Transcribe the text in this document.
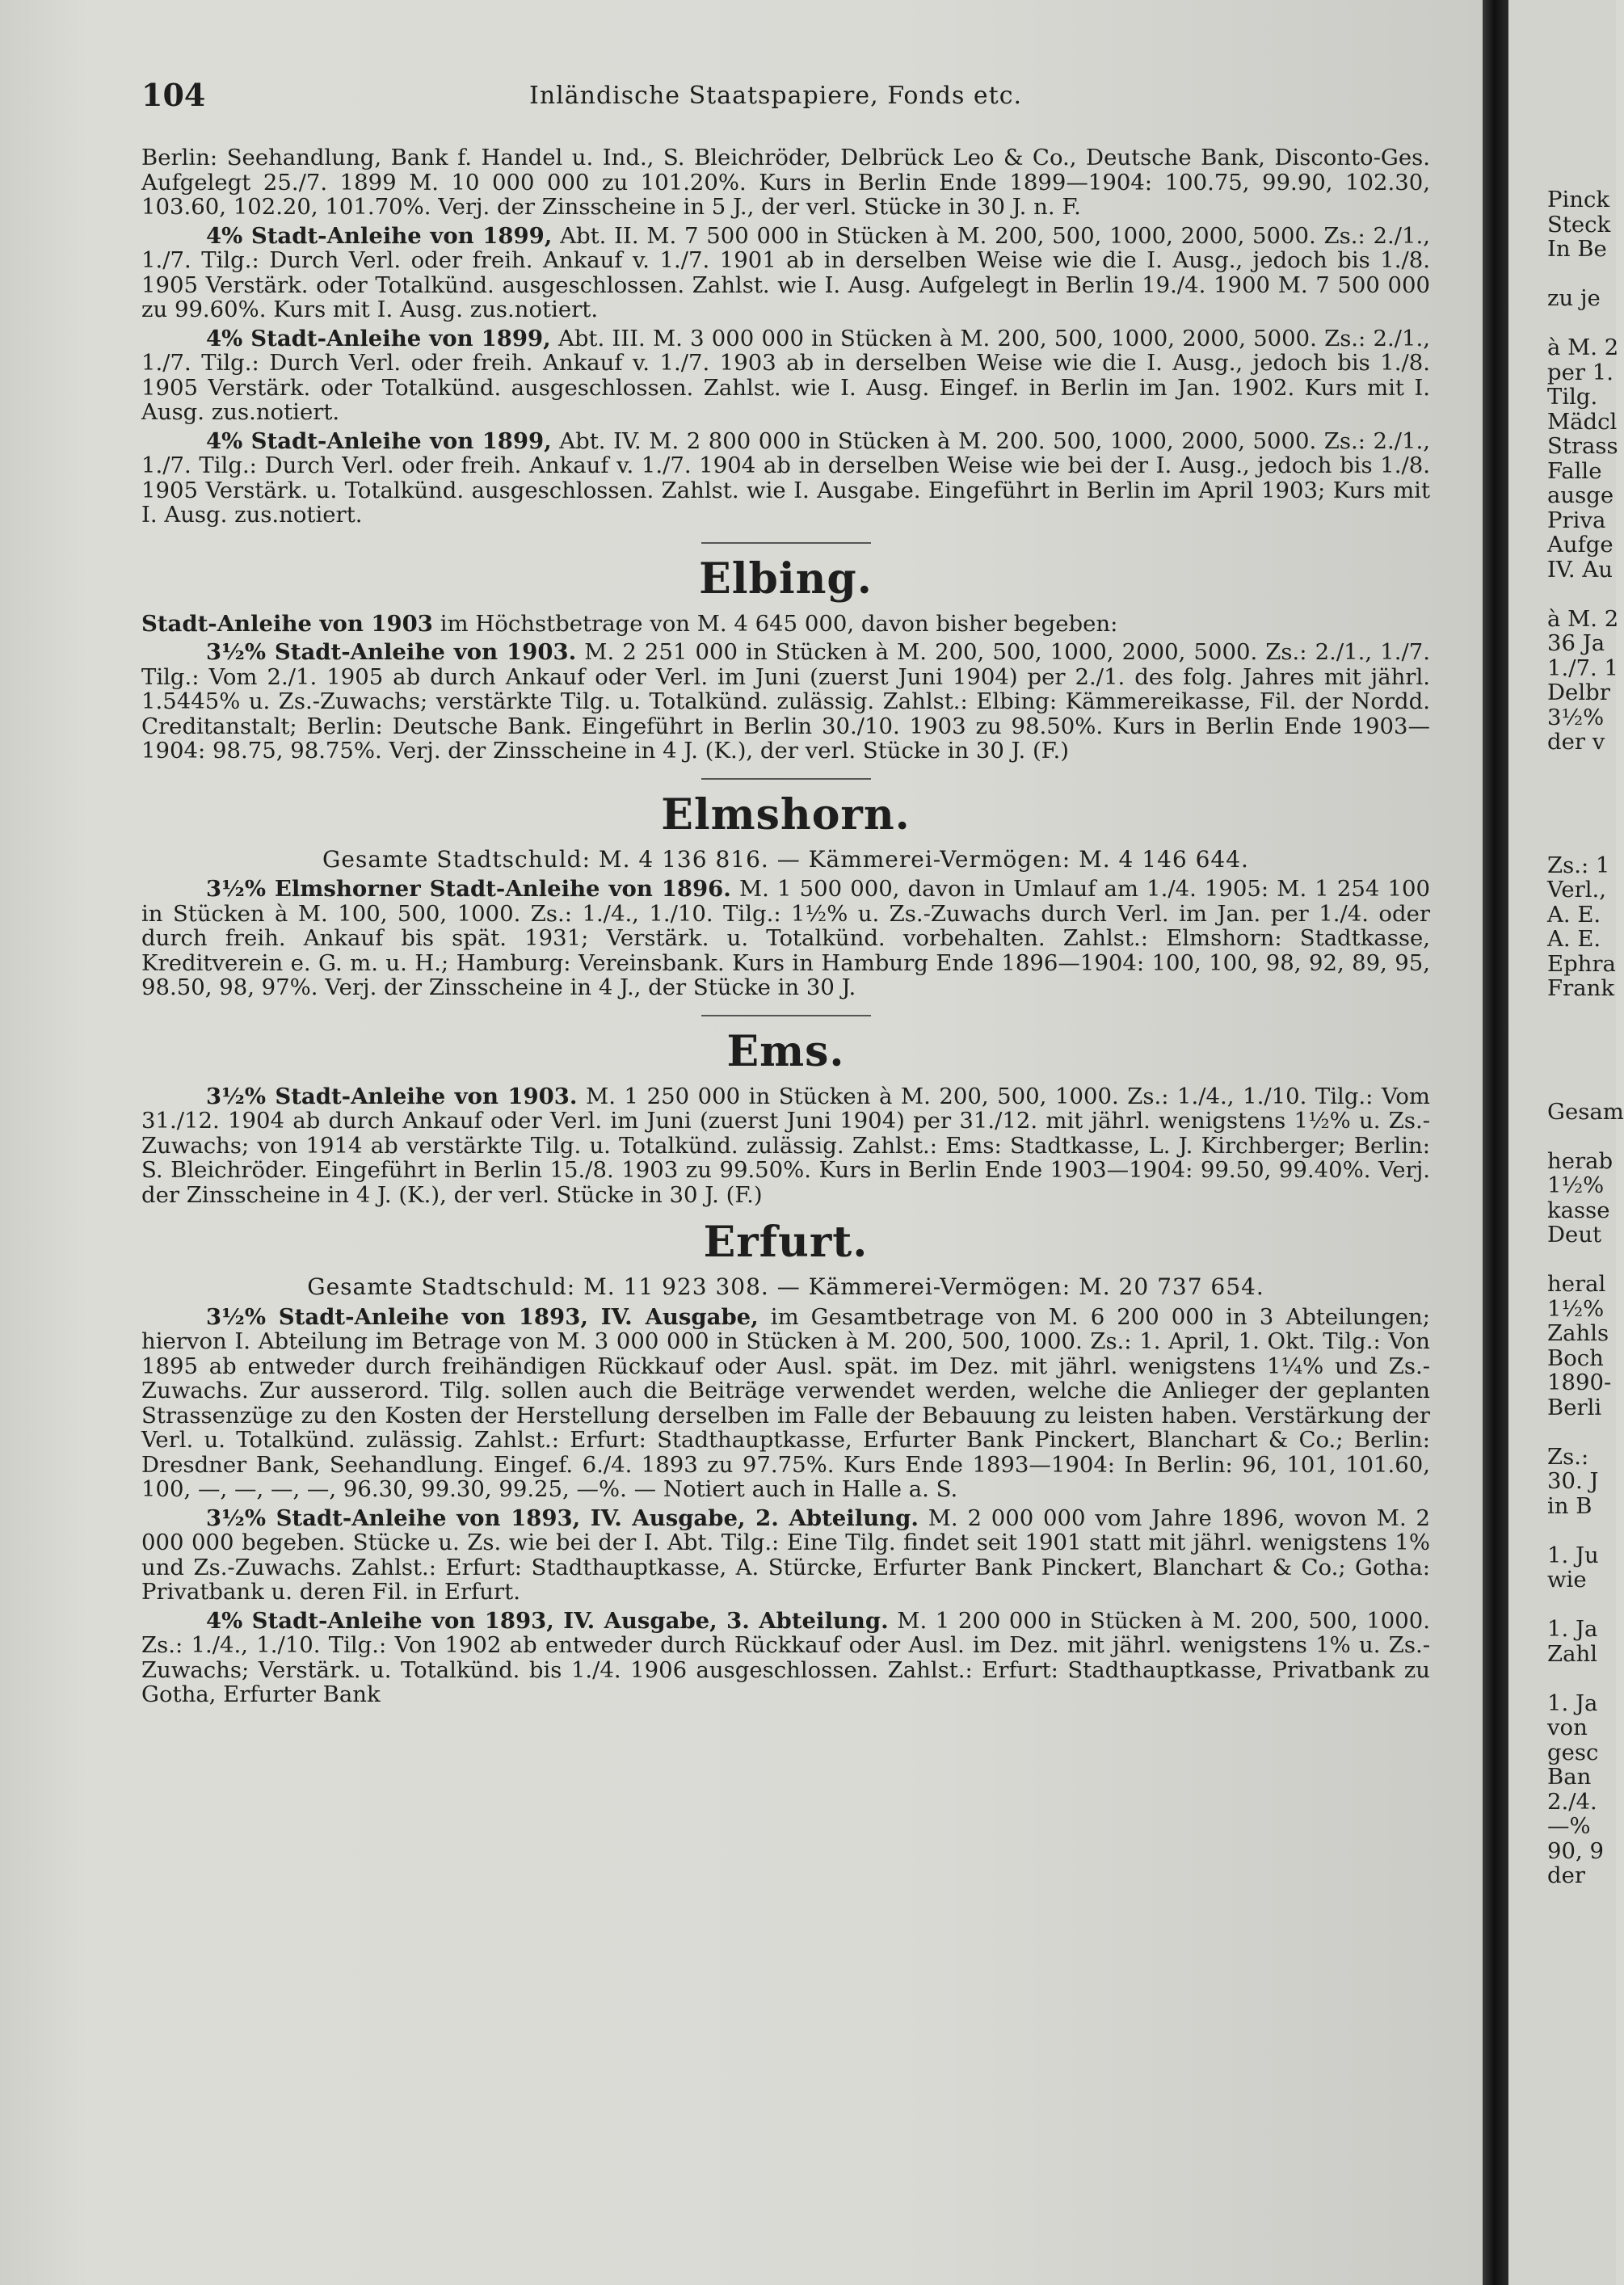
104	Inländische Staatspapiere, Fonds etc.

Berlin: Seehandlung, Bank f. Handel u. Ind., S. Bleichröder, Delbrück Leo & Co., Deutsche Bank, Disconto-Ges. Aufgelegt 25./7. 1899 M. 10 000 000 zu 101.20%. Kurs in Berlin Ende 1899—1904: 100.75, 99.90, 102.30, 103.60, 102.20, 101.70%. Verj. der Zinsscheine in 5 J., der verl. Stücke in 30 J. n. F.

4% Stadt-Anleihe von 1899, Abt. II. M. 7 500 000 in Stücken à M. 200, 500, 1000, 2000, 5000. Zs.: 2./1., 1./7. Tilg.: Durch Verl. oder freih. Ankauf v. 1./7. 1901 ab in derselben Weise wie die I. Ausg., jedoch bis 1./8. 1905 Verstärk. oder Totalkünd. ausgeschlossen. Zahlst. wie I. Ausg. Aufgelegt in Berlin 19./4. 1900 M. 7 500 000 zu 99.60%. Kurs mit I. Ausg. zus.notiert.

4% Stadt-Anleihe von 1899, Abt. III. M. 3 000 000 in Stücken à M. 200, 500, 1000, 2000, 5000. Zs.: 2./1., 1./7. Tilg.: Durch Verl. oder freih. Ankauf v. 1./7. 1903 ab in derselben Weise wie die I. Ausg., jedoch bis 1./8. 1905 Verstärk. oder Totalkünd. ausgeschlossen. Zahlst. wie I. Ausg. Eingef. in Berlin im Jan. 1902. Kurs mit I. Ausg. zus.notiert.

4% Stadt-Anleihe von 1899, Abt. IV. M. 2 800 000 in Stücken à M. 200. 500, 1000, 2000, 5000. Zs.: 2./1., 1./7. Tilg.: Durch Verl. oder freih. Ankauf v. 1./7. 1904 ab in derselben Weise wie bei der I. Ausg., jedoch bis 1./8. 1905 Verstärk. u. Totalkünd. ausgeschlossen. Zahlst. wie I. Ausgabe. Eingeführt in Berlin im April 1903; Kurs mit I. Ausg. zus.notiert.

Elbing.

Stadt-Anleihe von 1903 im Höchstbetrage von M. 4 645 000, davon bisher begeben:

3½% Stadt-Anleihe von 1903. M. 2 251 000 in Stücken à M. 200, 500, 1000, 2000, 5000. Zs.: 2./1., 1./7. Tilg.: Vom 2./1. 1905 ab durch Ankauf oder Verl. im Juni (zuerst Juni 1904) per 2./1. des folg. Jahres mit jährl. 1.5445% u. Zs.-Zuwachs; verstärkte Tilg. u. Totalkünd. zulässig. Zahlst.: Elbing: Kämmereikasse, Fil. der Nordd. Creditanstalt; Berlin: Deutsche Bank. Eingeführt in Berlin 30./10. 1903 zu 98.50%. Kurs in Berlin Ende 1903—1904: 98.75, 98.75%. Verj. der Zinsscheine in 4 J. (K.), der verl. Stücke in 30 J. (F.)

Elmshorn.
Gesamte Stadtschuld: M. 4 136 816. — Kämmerei-Vermögen: M. 4 146 644.

3½% Elmshorner Stadt-Anleihe von 1896. M. 1 500 000, davon in Umlauf am 1./4. 1905: M. 1 254 100 in Stücken à M. 100, 500, 1000. Zs.: 1./4., 1./10. Tilg.: 1½% u. Zs.-Zuwachs durch Verl. im Jan. per 1./4. oder durch freih. Ankauf bis spät. 1931; Verstärk. u. Totalkünd. vorbehalten. Zahlst.: Elmshorn: Stadtkasse, Kreditverein e. G. m. u. H.; Hamburg: Vereinsbank. Kurs in Hamburg Ende 1896—1904: 100, 100, 98, 92, 89, 95, 98.50, 98, 97%. Verj. der Zinsscheine in 4 J., der Stücke in 30 J.

Ems.

3½% Stadt-Anleihe von 1903. M. 1 250 000 in Stücken à M. 200, 500, 1000. Zs.: 1./4., 1./10. Tilg.: Vom 31./12. 1904 ab durch Ankauf oder Verl. im Juni (zuerst Juni 1904) per 31./12. mit jährl. wenigstens 1½% u. Zs.-Zuwachs; von 1914 ab verstärkte Tilg. u. Totalkünd. zulässig. Zahlst.: Ems: Stadtkasse, L. J. Kirchberger; Berlin: S. Bleichröder. Eingeführt in Berlin 15./8. 1903 zu 99.50%. Kurs in Berlin Ende 1903—1904: 99.50, 99.40%. Verj. der Zinsscheine in 4 J. (K.), der verl. Stücke in 30 J. (F.)

Erfurt.
Gesamte Stadtschuld: M. 11 923 308. — Kämmerei-Vermögen: M. 20 737 654.

3½% Stadt-Anleihe von 1893, IV. Ausgabe, im Gesamtbetrage von M. 6 200 000 in 3 Abteilungen; hiervon I. Abteilung im Betrage von M. 3 000 000 in Stücken à M. 200, 500, 1000. Zs.: 1. April, 1. Okt. Tilg.: Von 1895 ab entweder durch freihändigen Rückkauf oder Ausl. spät. im Dez. mit jährl. wenigstens 1¼% und Zs.-Zuwachs. Zur ausserord. Tilg. sollen auch die Beiträge verwendet werden, welche die Anlieger der geplanten Strassenzüge zu den Kosten der Herstellung derselben im Falle der Bebauung zu leisten haben. Verstärkung der Verl. u. Totalkünd. zulässig. Zahlst.: Erfurt: Stadthauptkasse, Erfurter Bank Pinckert, Blanchart & Co.; Berlin: Dresdner Bank, Seehandlung. Eingef. 6./4. 1893 zu 97.75%. Kurs Ende 1893—1904: In Berlin: 96, 101, 101.60, 100, —, —, —, —, 96.30, 99.30, 99.25, —%. — Notiert auch in Halle a. S.

3½% Stadt-Anleihe von 1893, IV. Ausgabe, 2. Abteilung. M. 2 000 000 vom Jahre 1896, wovon M. 2 000 000 begeben. Stücke u. Zs. wie bei der I. Abt. Tilg.: Eine Tilg. findet seit 1901 statt mit jährl. wenigstens 1% und Zs.-Zuwachs. Zahlst.: Erfurt: Stadthauptkasse, A. Stürcke, Erfurter Bank Pinckert, Blanchart & Co.; Gotha: Privatbank u. deren Fil. in Erfurt.

4% Stadt-Anleihe von 1893, IV. Ausgabe, 3. Abteilung. M. 1 200 000 in Stücken à M. 200, 500, 1000. Zs.: 1./4., 1./10. Tilg.: Von 1902 ab entweder durch Rückkauf oder Ausl. im Dez. mit jährl. wenigstens 1% u. Zs.-Zuwachs; Verstärk. u. Totalkünd. bis 1./4. 1906 ausgeschlossen. Zahlst.: Erfurt: Stadthauptkasse, Privatbank zu Gotha, Erfurter Bank

Pinck
Steck
In Be
zu je
à M. 2
per 1.
Tilg.
Mädcl
Strass
Falle
ausge
Priva
Aufge
IV. Au
à M. 2
36 Ja
1./7. 1
Delbr
3½%
der v
Zs.: 1
Verl.,
A. E.
A. E.
Ephra
Frank
Gesam
herab
1½%
kasse
Deut
heral
1½%
Zahls
Boch
1890-
Berli
Zs.:
30. J
in B
1. Ju
wie
1. Ja
Zahl
1. Ja
von
gesc
Ban
2./4.
—%
90, 9
der
